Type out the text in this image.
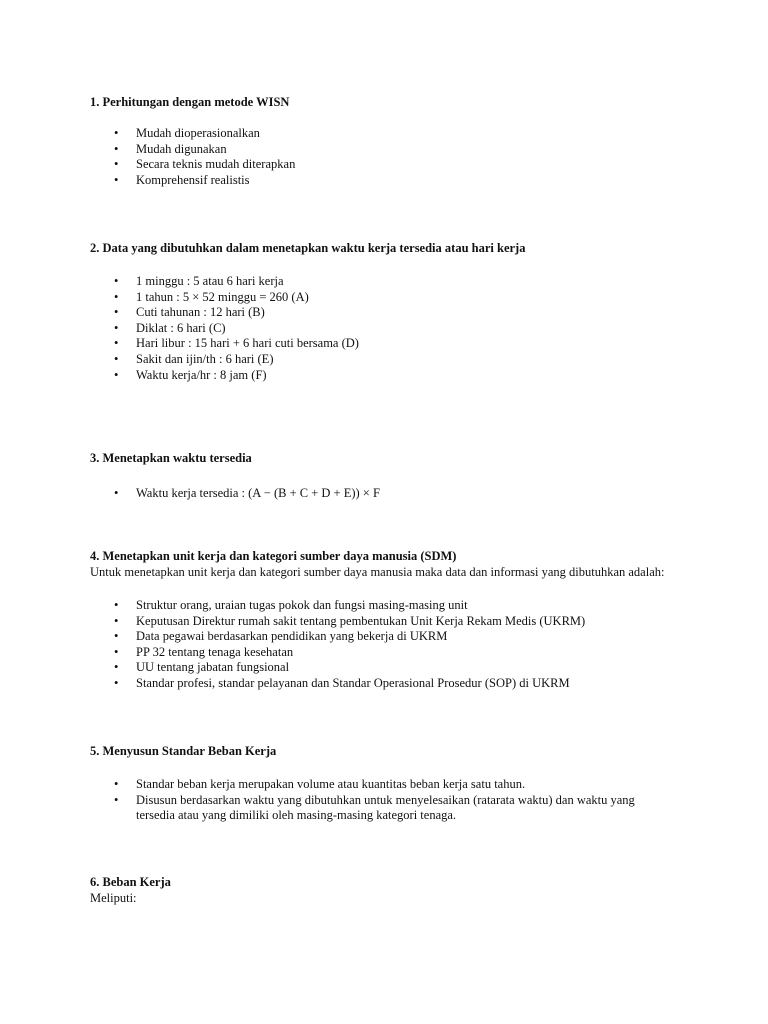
1. Perhitungan dengan metode WISN

• Mudah dioperasionalkan
• Mudah digunakan
• Secara teknis mudah diterapkan
• Komprehensif realistis

2. Data yang dibutuhkan dalam menetapkan waktu kerja tersedia atau hari kerja

• 1 minggu : 5 atau 6 hari kerja
• 1 tahun : 5 × 52 minggu = 260 (A)
• Cuti tahunan : 12 hari (B)
• Diklat : 6 hari (C)
• Hari libur : 15 hari + 6 hari cuti bersama (D)
• Sakit dan ijin/th : 6 hari (E)
• Waktu kerja/hr : 8 jam (F)

3. Menetapkan waktu tersedia

• Waktu kerja tersedia : (A − (B + C + D + E)) × F

4. Menetapkan unit kerja dan kategori sumber daya manusia (SDM)

Untuk menetapkan unit kerja dan kategori sumber daya manusia maka data dan informasi yang dibutuhkan adalah:

• Struktur orang, uraian tugas pokok dan fungsi masing-masing unit
• Keputusan Direktur rumah sakit tentang pembentukan Unit Kerja Rekam Medis (UKRM)
• Data pegawai berdasarkan pendidikan yang bekerja di UKRM
• PP 32 tentang tenaga kesehatan
• UU tentang jabatan fungsional
• Standar profesi, standar pelayanan dan Standar Operasional Prosedur (SOP) di UKRM

5. Menyusun Standar Beban Kerja

• Standar beban kerja merupakan volume atau kuantitas beban kerja satu tahun.
• Disusun berdasarkan waktu yang dibutuhkan untuk menyelesaikan (ratarata waktu) dan waktu yang tersedia atau yang dimiliki oleh masing-masing kategori tenaga.

6. Beban Kerja

Meliputi:
